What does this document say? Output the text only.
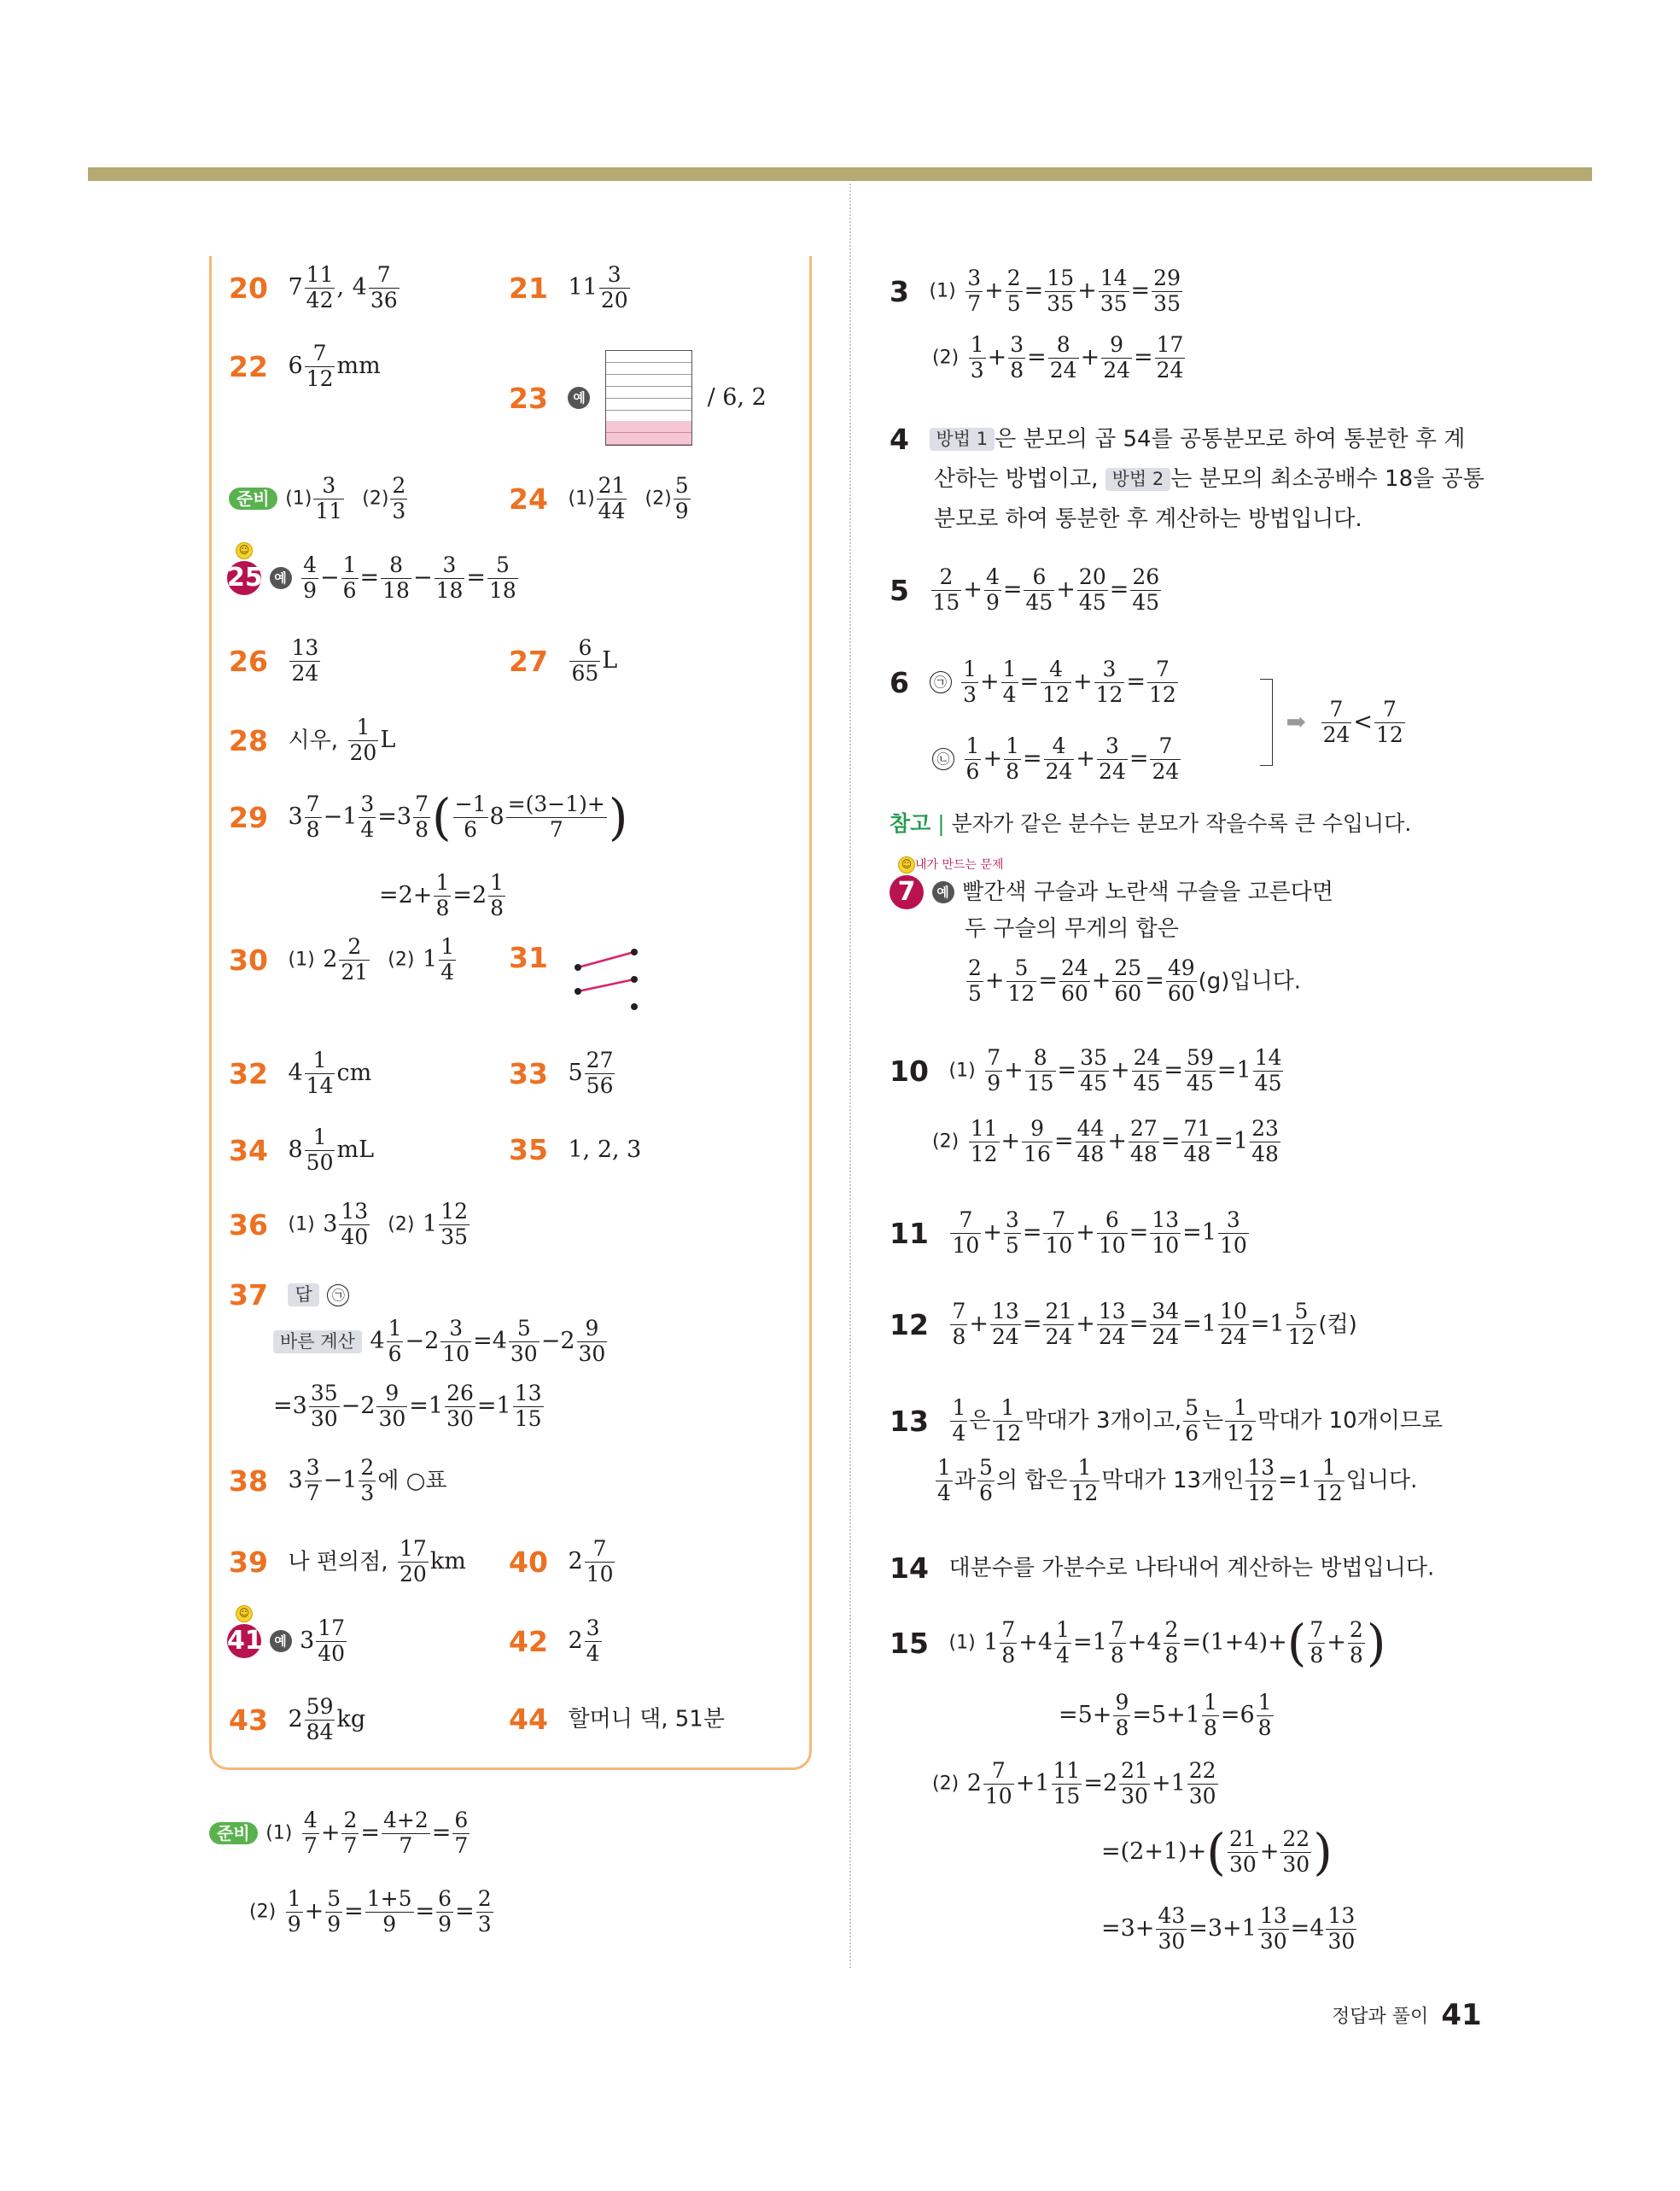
20 $7 \frac{11}{42}$ , $4 \frac{7}{36}$	21 $11 \frac{3}{20}$
22 $6 \frac{7}{12}$ mm
23 예	/ 6, 2
준비 $(1) \frac{3}{11} (2) \frac{2}{3}$	24 $(1) \frac{21}{44} (2) \frac{5}{9}$
☺
25 예 $\frac{4}{9} - \frac{1}{6} = \frac{8}{18} - \frac{3}{18} = \frac{5}{18}$
$26 \frac{13}{24}$	$27 \frac{6}{65}$ L
28 시우, $\frac{1}{20}$ L
29 $3 \frac{7}{8} -1 \frac{3}{4} =3 \frac{7}{8}$ ( $\frac{-1}{6} 8 \frac{=(3-1)+}{7}$ )
$=2+ \frac{1}{8} =2 \frac{1}{8}$
30 (1) $2 \frac{2}{21} (2)$ $1 \frac{1}{4} 31$
32 $4 \frac{1}{14}$ cm	33 $5 \frac{27}{56}$
34 $8 \frac{1}{50}$ mL	35 1, 2, 3
36 (1) $3 \frac{13}{40} (2)$ $1 \frac{12}{35}$
37 답 ㉠
바른 계산 $4 \frac{1}{6} -2 \frac{3}{10} =4 \frac{5}{30} -2 \frac{9}{30}$
$=3 \frac{35}{30} -2 \frac{9}{30} =1 \frac{26}{30} =1 \frac{13}{15}$
38 $3 \frac{3}{7} -1 \frac{2}{3}$ 에 ○표
39 나 편의점, $\frac{17}{20}$ km 40 $2 \frac{7}{10}$
☺
41 예 $3 \frac{17}{40}$	42 $2 \frac{3}{4}$
43 $2 \frac{59}{84}$ kg	44 할머니 댁, 51분
준비 $(1) \frac{4}{7} + \frac{2}{7} = \frac{4+2}{7} = \frac{6}{7}$
$(2) \frac{1}{9} + \frac{5}{9} = \frac{1+5}{9} = \frac{6}{9} = \frac{2}{3}$
3 $(1) \frac{3}{7} + \frac{2}{5} = \frac{15}{35} + \frac{14}{35} = \frac{29}{35}$
$(2) \frac{1}{3} + \frac{3}{8} = \frac{8}{24} + \frac{9}{24} = \frac{17}{24}$
4 방법 1 은 분모의 곱 54를 공통분모로 하여 통분한 후 계
산하는 방법이고, 방법 2 는 분모의 최소공배수 18을 공통
분모로 하여 통분한 후 계산하는 방법입니다.
$5 \frac{2}{15} + \frac{4}{9} = \frac{6}{45} + \frac{20}{45} = \frac{26}{45}$
6 ㉠ $\frac{1}{3} + \frac{1}{4} = \frac{4}{12} + \frac{3}{12} = \frac{7}{12}$
㉡ $\frac{1}{6} + \frac{1}{8} = \frac{4}{24} + \frac{3}{24} = \frac{7}{24}$
➡ $\frac{7}{24} < \frac{7}{12}$
참고 | 분자가 같은 분수는 분모가 작을수록 큰 수입니다.
내가 만드는 문제
☺
7 예 빨간색 구슬과 노란색 구슬을 고른다면
두 구슬의 무게의 합은
$\frac{2}{5} + \frac{5}{12} = \frac{24}{60} + \frac{25}{60} = \frac{49}{60} (g)$입니다.
10 $(1) \frac{7}{9} + \frac{8}{15} = \frac{35}{45} + \frac{24}{45} = \frac{59}{45} =1 \frac{14}{45}$
$(2) \frac{11}{12} + \frac{9}{16} = \frac{44}{48} + \frac{27}{48} = \frac{71}{48} =1 \frac{23}{48}$
$11 \frac{7}{10} + \frac{3}{5} = \frac{7}{10} + \frac{6}{10} = \frac{13}{10} =1 \frac{3}{10}$
$12 \frac{7}{8} + \frac{13}{24} = \frac{21}{24} + \frac{13}{24} = \frac{34}{24} =1 \frac{10}{24} =1 \frac{5}{12}$ (컵)
$13 \frac{1}{4}$ 은 $\frac{1}{12}$ 막대가 3개이고, $\frac{5}{6}$ 는 $\frac{1}{12}$ 막대가 10개이므로
$\frac{1}{4}$ 과 $\frac{5}{6}$ 의 합은 $\frac{1}{12}$ 막대가 13개인 $\frac{13}{12} =1 \frac{1}{12}$ 입니다.
14 대분수를 가분수로 나타내어 계산하는 방법입니다.
15 (1) $1 \frac{7}{8} +4 \frac{1}{4} =1 \frac{7}{8} +4 \frac{2}{8} =(1+4)+( \frac{7}{8} + \frac{2}{8}$ )
$=5+ \frac{9}{8} =5+1 \frac{1}{8} =6 \frac{1}{8}$
(2) $2 \frac{7}{10} +1 \frac{11}{15} =2 \frac{21}{30} +1 \frac{22}{30}$
$=(2+1)+( \frac{21}{30} + \frac{22}{30}$ )
$=3+ \frac{43}{30} =3+1 \frac{13}{30} =4 \frac{13}{30}$
정답과 풀이 41
